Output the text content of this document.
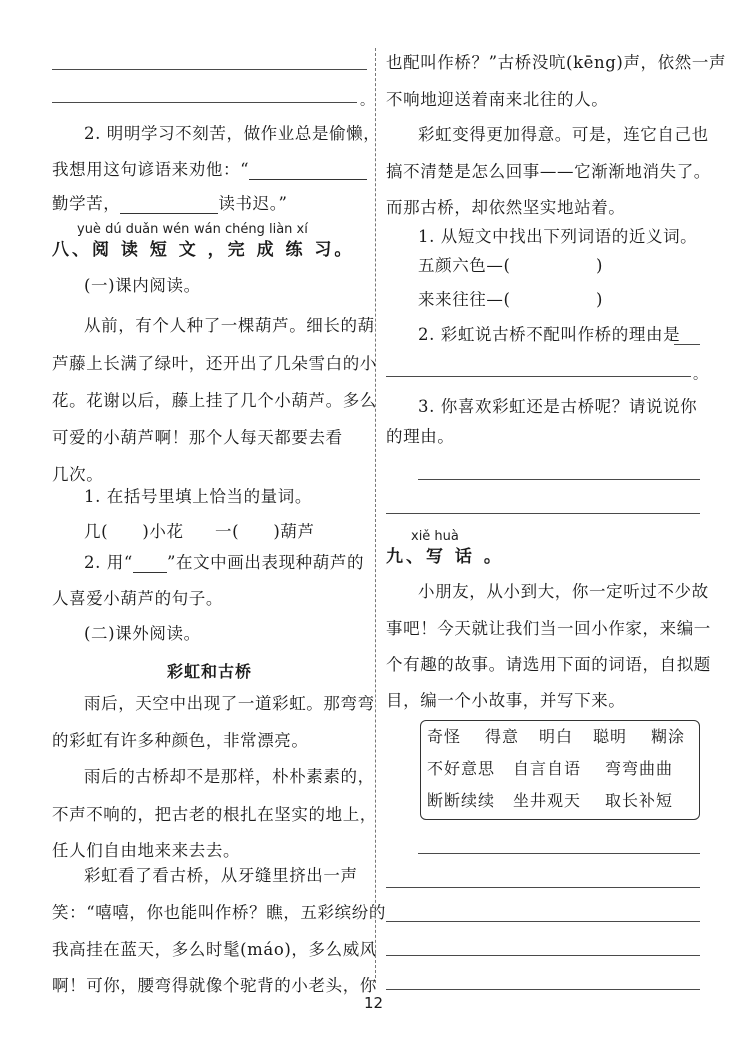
。
2. 明明学习不刻苦，做作业总是偷懒，
我想用这句谚语来劝他：“
勤学苦，	读书迟。”
yuè dú duǎn wén wán chéng liàn xí
八、阅 读 短 文 ，完 成 练 习。
(一)课内阅读。
从前，有个人种了一棵葫芦。细长的葫
芦藤上长满了绿叶，还开出了几朵雪白的小
花。花谢以后，藤上挂了几个小葫芦。多么
可爱的小葫芦啊！那个人每天都要去看
几次。
1. 在括号里填上恰当的量词。
几(　　)小花 一(　　)葫芦
2. 用“ ”在文中画出表现种葫芦的
人喜爱小葫芦的句子。
(二)课外阅读。
彩虹和古桥
雨后，天空中出现了一道彩虹。那弯弯
的彩虹有许多种颜色，非常漂亮。
雨后的古桥却不是那样，朴朴素素的，
不声不响的，把古老的根扎在坚实的地上，
任人们自由地来来去去。
彩虹看了看古桥，从牙缝里挤出一声
笑：“嘻嘻，你也能叫作桥？瞧，五彩缤纷的
我高挂在蓝天，多么时髦(máo)，多么威风
啊！可你，腰弯得就像个驼背的小老头，你
也配叫作桥？”古桥没吭(kēng)声，依然一声
不响地迎送着南来北往的人。
彩虹变得更加得意。可是，连它自己也
搞不清楚是怎么回事——它渐渐地消失了。
而那古桥，却依然坚实地站着。
1. 从短文中找出下列词语的近义词。
五颜六色—(　　　　　)
来来往往—(　　　　　)
2. 彩虹说古桥不配叫作桥的理由是
。
3. 你喜欢彩虹还是古桥呢？请说说你
的理由。
xiě huà
九、写 话 。
小朋友，从小到大，你一定听过不少故
事吧！今天就让我们当一回小作家，来编一
个有趣的故事。请选用下面的词语，自拟题
目，编一个小故事，并写下来。
奇怪 得意 明白 聪明 糊涂
不好意思 自言自语 弯弯曲曲
断断续续 坐井观天 取长补短
12
